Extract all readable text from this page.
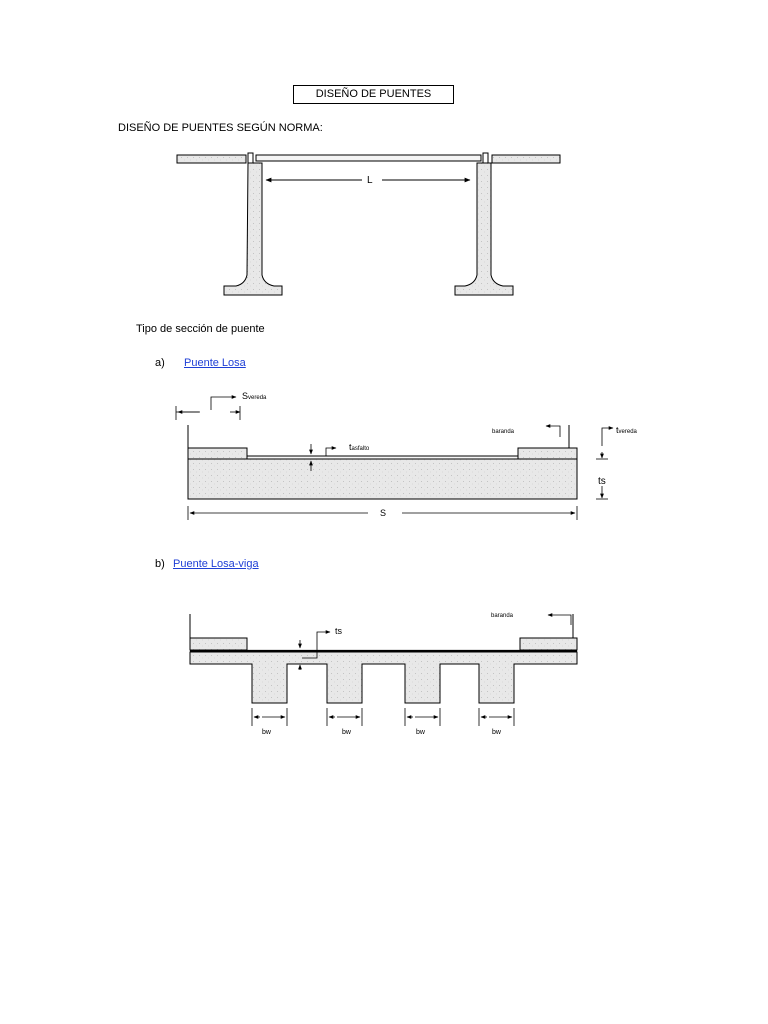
DISEÑO DE PUENTES
DISEÑO DE PUENTES SEGÚN NORMA:
L
Svereda
tasfalto
baranda	tvereda
ts
S
baranda
ts
bw	bw	bw	bw
Tipo de sección de puente
a) Puente Losa
b) Puente Losa-viga
